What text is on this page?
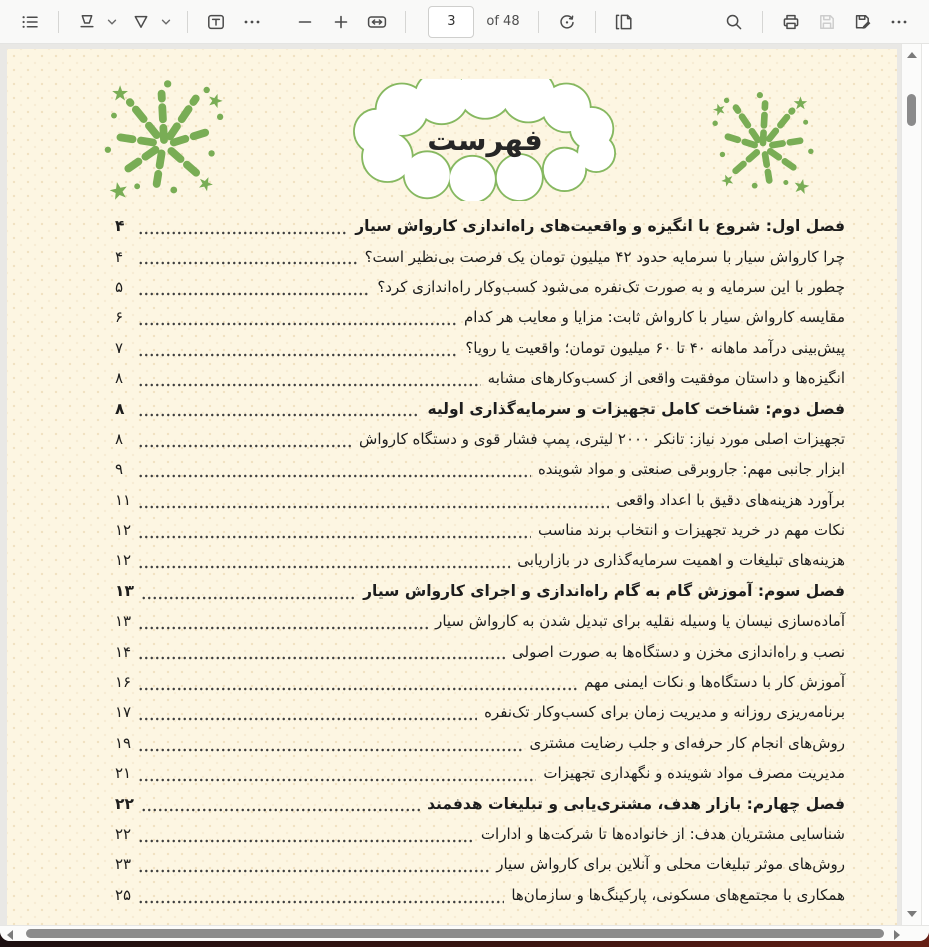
3
of 48
فهرست
فصل اول: شروع با انگیزه و واقعیت‌های راه‌اندازی کارواش سیار
۴
چرا کارواش سیار با سرمایه حدود ۴۲ میلیون تومان یک فرصت بی‌نظیر است؟
۴
چطور با این سرمایه و به صورت تک‌نفره می‌شود کسب‌وکار راه‌اندازی کرد؟
۵
مقایسه کارواش سیار با کارواش ثابت: مزایا و معایب هر کدام
۶
پیش‌بینی درآمد ماهانه ۴۰ تا ۶۰ میلیون تومان؛ واقعیت یا رویا؟
۷
انگیزه‌ها و داستان موفقیت واقعی از کسب‌وکارهای مشابه
۸
فصل دوم: شناخت کامل تجهیزات و سرمایه‌گذاری اولیه
۸
تجهیزات اصلی مورد نیاز: تانکر ۲۰۰۰ لیتری، پمپ فشار قوی و دستگاه کارواش
۸
ابزار جانبی مهم: جاروبرقی صنعتی و مواد شوینده
۹
برآورد هزینه‌های دقیق با اعداد واقعی
۱۱
نکات مهم در خرید تجهیزات و انتخاب برند مناسب
۱۲
هزینه‌های تبلیغات و اهمیت سرمایه‌گذاری در بازاریابی
۱۲
فصل سوم: آموزش گام به گام راه‌اندازی و اجرای کارواش سیار
۱۳
آماده‌سازی نیسان یا وسیله نقلیه برای تبدیل شدن به کارواش سیار
۱۳
نصب و راه‌اندازی مخزن و دستگاه‌ها به صورت اصولی
۱۴
آموزش کار با دستگاه‌ها و نکات ایمنی مهم
۱۶
برنامه‌ریزی روزانه و مدیریت زمان برای کسب‌وکار تک‌نفره
۱۷
روش‌های انجام کار حرفه‌ای و جلب رضایت مشتری
۱۹
مدیریت مصرف مواد شوینده و نگهداری تجهیزات
۲۱
فصل چهارم: بازار هدف، مشتری‌یابی و تبلیغات هدفمند
۲۲
شناسایی مشتریان هدف: از خانواده‌ها تا شرکت‌ها و ادارات
۲۲
روش‌های موثر تبلیغات محلی و آنلاین برای کارواش سیار
۲۳
همکاری با مجتمع‌های مسکونی، پارکینگ‌ها و سازمان‌ها
۲۵
